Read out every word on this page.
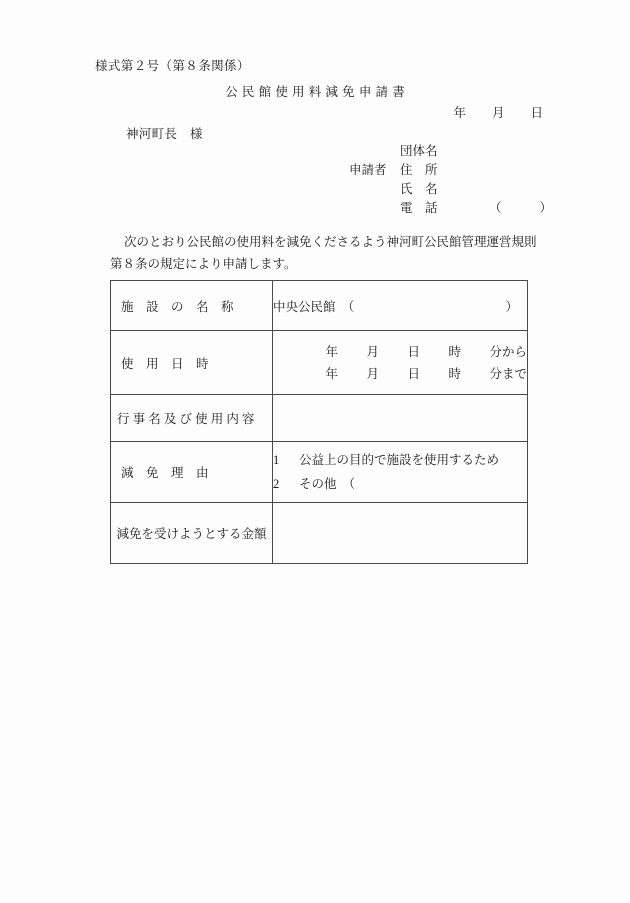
様式第２号（第８条関係）
公民館使用料減免申請書
年 月 日
神河町長　様
団体名
申請者	住　所
氏　名
電　話	（	）
次のとおり公民館の使用料を減免くださるよう神河町公民館管理運営規則第８条の規定により申請します。
施　設　の　名　称	中央公民館　（ ）

使　用　日　時	年 月 日 時 分から
年 月 日 時 分まで

行 事 名 及 び 使 用 内 容	

減　免　理　由	1 公益上の目的で施設を使用するため
2 その他 （

減免を受けようとする金額	
